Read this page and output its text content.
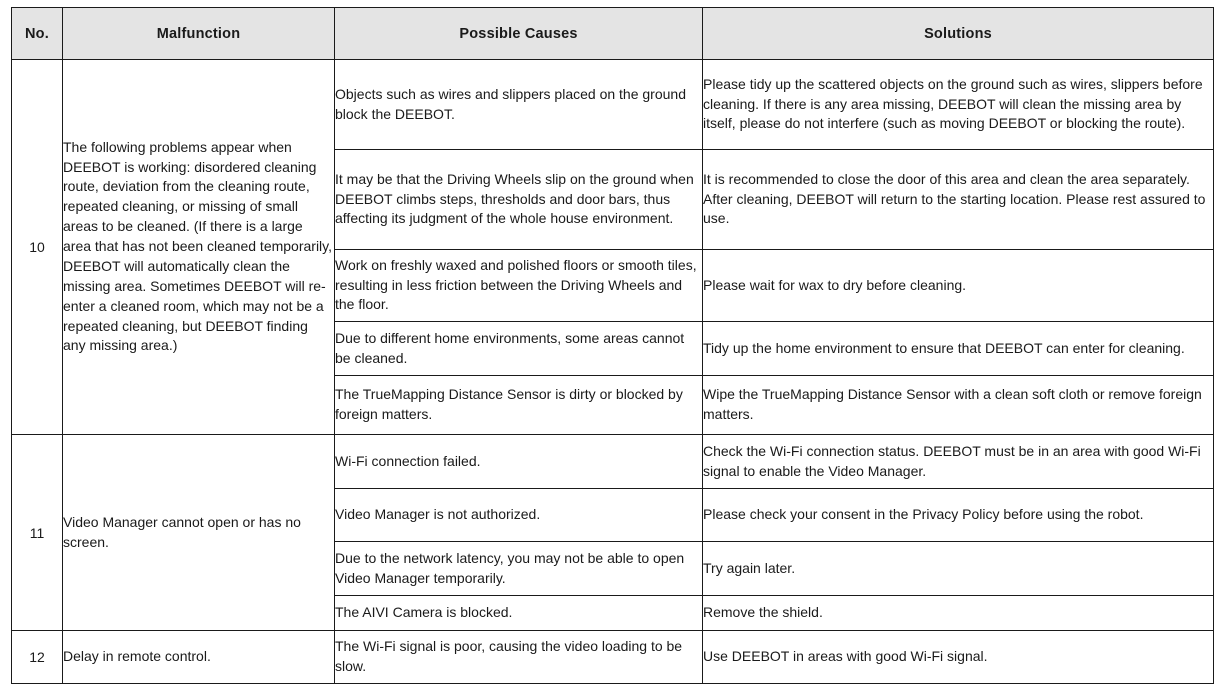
No.	Malfunction	Possible Causes	Solutions
10	The following problems appear when DEEBOT is working: disordered cleaning route, deviation from the cleaning route, repeated cleaning, or missing of small areas to be cleaned. (If there is a large area that has not been cleaned temporarily, DEEBOT will automatically clean the missing area. Sometimes DEEBOT will re-enter a cleaned room, which may not be a repeated cleaning, but DEEBOT finding any missing area.)	Objects such as wires and slippers placed on the ground block the DEEBOT.	Please tidy up the scattered objects on the ground such as wires, slippers before cleaning. If there is any area missing, DEEBOT will clean the missing area by itself, please do not interfere (such as moving DEEBOT or blocking the route).
		It may be that the Driving Wheels slip on the ground when DEEBOT climbs steps, thresholds and door bars, thus affecting its judgment of the whole house environment.	It is recommended to close the door of this area and clean the area separately. After cleaning, DEEBOT will return to the starting location. Please rest assured to use.
		Work on freshly waxed and polished floors or smooth tiles, resulting in less friction between the Driving Wheels and the floor.	Please wait for wax to dry before cleaning.
		Due to different home environments, some areas cannot be cleaned.	Tidy up the home environment to ensure that DEEBOT can enter for cleaning.
		The TrueMapping Distance Sensor is dirty or blocked by foreign matters.	Wipe the TrueMapping Distance Sensor with a clean soft cloth or remove foreign matters.
11	Video Manager cannot open or has no screen.	Wi-Fi connection failed.	Check the Wi-Fi connection status. DEEBOT must be in an area with good Wi-Fi signal to enable the Video Manager.
		Video Manager is not authorized.	Please check your consent in the Privacy Policy before using the robot.
		Due to the network latency, you may not be able to open Video Manager temporarily.	Try again later.
		The AIVI Camera is blocked.	Remove the shield.
12	Delay in remote control.	The Wi-Fi signal is poor, causing the video loading to be slow.	Use DEEBOT in areas with good Wi-Fi signal.
